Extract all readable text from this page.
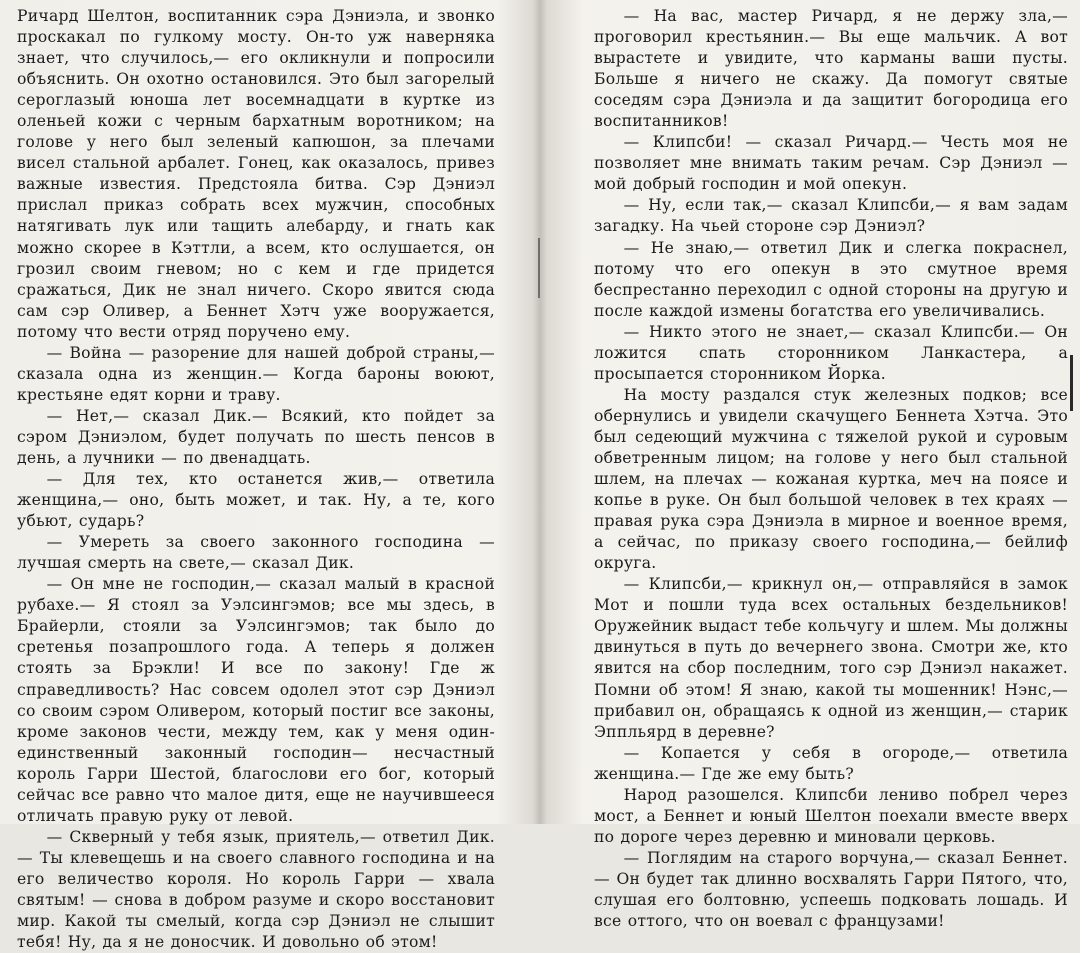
Ричард Шелтон, воспитанник сэра Дэниэла, и звонко проскакал по гулкому мосту. Он-то уж наверняка знает, что случилось,— его окликнули и попросили объяснить. Он охотно остановился. Это был загорелый сероглазый юноша лет восемнадцати в куртке из оленьей кожи с черным бархатным воротником; на голове у него был зеленый капюшон, за плечами висел стальной арбалет. Гонец, как оказалось, привез важные известия. Предстояла битва. Сэр Дэниэл прислал приказ собрать всех мужчин, способных натягивать лук или тащить алебарду, и гнать как можно скорее в Кэттли, а всем, кто ослушается, он грозил своим гневом; но с кем и где придется сражаться, Дик не знал ничего. Скоро явится сюда сам сэр Оливер, а Беннет Хэтч уже вооружается, потому что вести отряд поручено ему.

— Война — разорение для нашей доброй страны,— сказала одна из женщин.— Когда бароны воюют, крестьяне едят корни и траву.

— Нет,— сказал Дик.— Всякий, кто пойдет за сэром Дэниэлом, будет получать по шесть пенсов в день, а лучники — по двенадцать.

— Для тех, кто останется жив,— ответила женщина,— оно, быть может, и так. Ну, а те, кого убьют, сударь?

— Умереть за своего законного господина — лучшая смерть на свете,— сказал Дик.

— Он мне не господин,— сказал малый в красной рубахе.— Я стоял за Уэлсингэмов; все мы здесь, в Брайерли, стояли за Уэлсингэмов; так было до сретенья позапрошлого года. А теперь я должен стоять за Брэкли! И все по закону! Где ж справедливость? Нас совсем одолел этот сэр Дэниэл со своим сэром Оливером, который постиг все законы, кроме законов чести, между тем, как у меня один-единственный законный господин— несчастный король Гарри Шестой, благослови его бог, который сейчас все равно что малое дитя, еще не научившееся отличать правую руку от левой.

— Скверный у тебя язык, приятель,— ответил Дик.— Ты клевещешь и на своего славного господина и на его величество короля. Но король Гарри — хвала святым! — снова в добром разуме и скоро восстановит мир. Какой ты смелый, когда сэр Дэниэл не слышит тебя! Ну, да я не доносчик. И довольно об этом!

— На вас, мастер Ричард, я не держу зла,— проговорил крестьянин.— Вы еще мальчик. А вот вырастете и увидите, что карманы ваши пусты. Больше я ничего не скажу. Да помогут святые соседям сэра Дэниэла и да защитит богородица его воспитанников!

— Клипсби! — сказал Ричард.— Честь моя не позволяет мне внимать таким речам. Сэр Дэниэл — мой добрый господин и мой опекун.

— Ну, если так,— сказал Клипсби,— я вам задам загадку. На чьей стороне сэр Дэниэл?

— Не знаю,— ответил Дик и слегка покраснел, потому что его опекун в это смутное время беспрестанно переходил с одной стороны на другую и после каждой измены богатства его увеличивались.

— Никто этого не знает,— сказал Клипсби.— Он ложится спать сторонником Ланкастера, а просыпается сторонником Йорка.

На мосту раздался стук железных подков; все обернулись и увидели скачущего Беннета Хэтча. Это был седеющий мужчина с тяжелой рукой и суровым обветренным лицом; на голове у него был стальной шлем, на плечах — кожаная куртка, меч на поясе и копье в руке. Он был большой человек в тех краях — правая рука сэра Дэниэла в мирное и военное время, а сейчас, по приказу своего господина,— бейлиф округа.

— Клипсби,— крикнул он,— отправляйся в замок Мот и пошли туда всех остальных бездельников! Оружейник выдаст тебе кольчугу и шлем. Мы должны двинуться в путь до вечернего звона. Смотри же, кто явится на сбор последним, того сэр Дэниэл накажет. Помни об этом! Я знаю, какой ты мошенник! Нэнс,— прибавил он, обращаясь к одной из женщин,— старик Эппльярд в деревне?

— Копается у себя в огороде,— ответила женщина.— Где же ему быть?

Народ разошелся. Клипсби лениво побрел через мост, а Беннет и юный Шелтон поехали вместе вверх по дороге через деревню и миновали церковь.

— Поглядим на старого ворчуна,— сказал Беннет.— Он будет так длинно восхвалять Гарри Пятого, что, слушая его болтовню, успеешь подковать лошадь. И все оттого, что он воевал с французами!
